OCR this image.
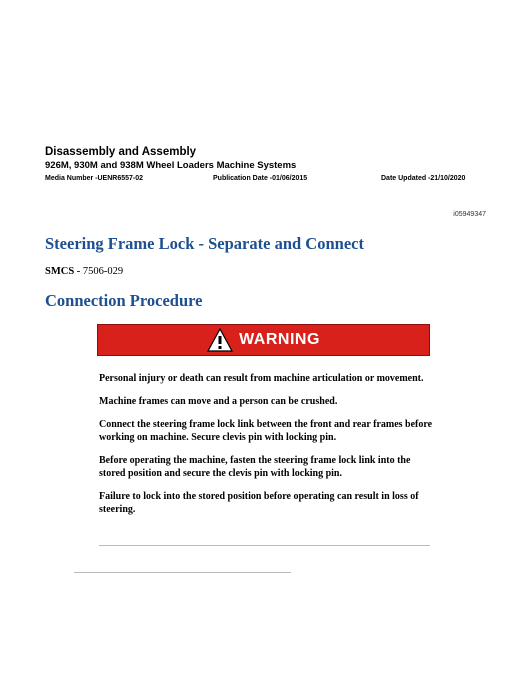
Disassembly and Assembly
926M, 930M and 938M Wheel Loaders Machine Systems
Media Number -UENR6557-02	Publication Date -01/06/2015	Date Updated -21/10/2020
i05949347
Steering Frame Lock - Separate and Connect
SMCS - 7506-029
Connection Procedure
WARNING

Personal injury or death can result from machine articulation or movement.

Machine frames can move and a person can be crushed.

Connect the steering frame lock link between the front and rear frames before working on machine. Secure clevis pin with locking pin.

Before operating the machine, fasten the steering frame lock link into the stored position and secure the clevis pin with locking pin.

Failure to lock into the stored position before operating can result in loss of steering.
